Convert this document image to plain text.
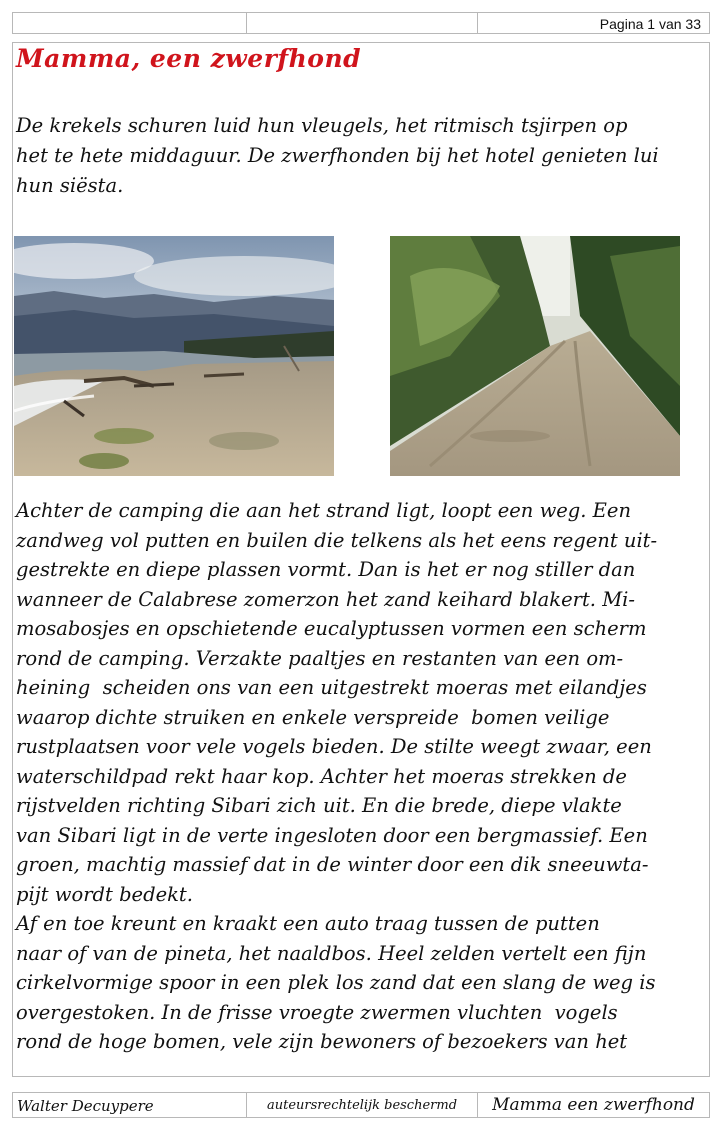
Pagina 1 van 33
Mamma, een zwerfhond
De krekels schuren luid hun vleugels, het ritmisch tsjirpen op
het te hete middaguur. De zwerfhonden bij het hotel genieten lui
hun siësta.
Achter de camping die aan het strand ligt, loopt een weg. Een
zandweg vol putten en builen die telkens als het eens regent uit-
gestrekte en diepe plassen vormt. Dan is het er nog stiller dan
wanneer de Calabrese zomerzon het zand keihard blakert. Mi-
mosabosjes en opschietende eucalyptussen vormen een scherm
rond de camping. Verzakte paaltjes en restanten van een om-
heining  scheiden ons van een uitgestrekt moeras met eilandjes
waarop dichte struiken en enkele verspreide  bomen veilige
rustplaatsen voor vele vogels bieden. De stilte weegt zwaar, een
waterschildpad rekt haar kop. Achter het moeras strekken de
rijstvelden richting Sibari zich uit. En die brede, diepe vlakte
van Sibari ligt in de verte ingesloten door een bergmassief. Een
groen, machtig massief dat in de winter door een dik sneeuwta-
pijt wordt bedekt.
Af en toe kreunt en kraakt een auto traag tussen de putten
naar of van de pineta, het naaldbos. Heel zelden vertelt een fijn
cirkelvormige spoor in een plek los zand dat een slang de weg is
overgestoken. In de frisse vroegte zwermen vluchten  vogels
rond de hoge bomen, vele zijn bewoners of bezoekers van het
Walter Decuypere	auteursrechtelijk beschermd	Mamma een zwerfhond
